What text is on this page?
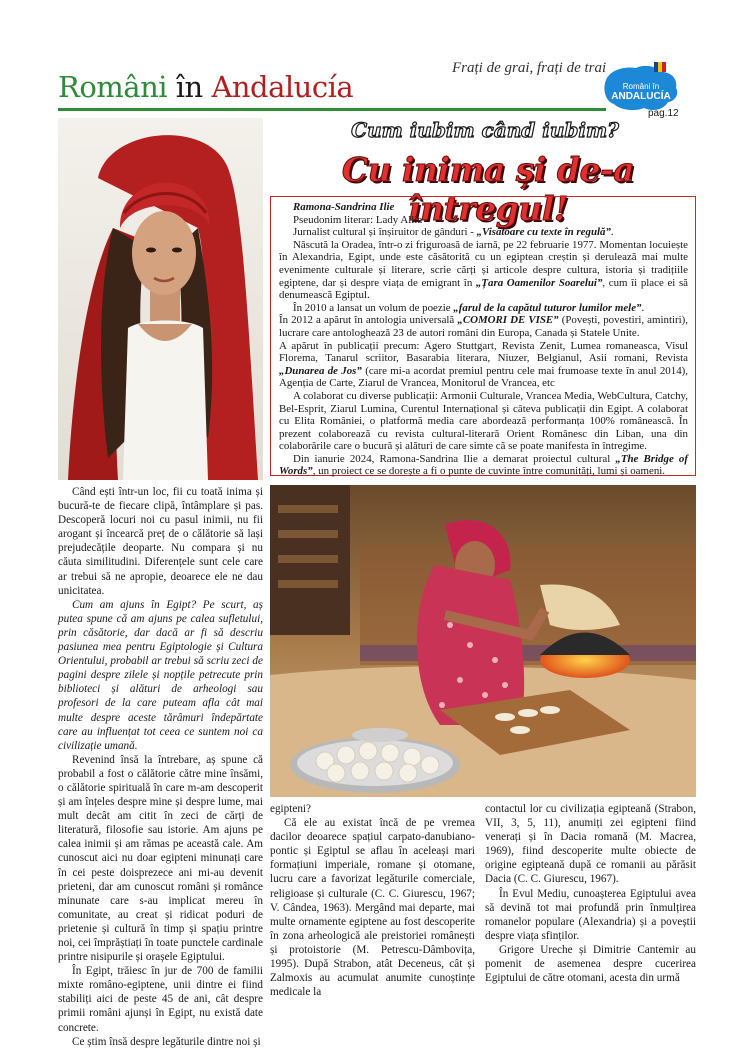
Români în Andalucía
Frați de grai, frați de trai
Români în
ANDALUCÍA
pag.12
Cum iubim când iubim?
Cu inima și de-a întregul!

Ramona-Sandrina Ilie

Pseudonim literar: Lady Allia

Jurnalist cultural și înșiruitor de gânduri - „Visătoare cu texte în regulă”.

Născută la Oradea, într-o zi friguroasă de iarnă, pe 22 februarie 1977. Momentan locuiește în Alexandria, Egipt, unde este căsătorită cu un egiptean creștin și derulează mai multe evenimente culturale și literare, scrie cărți și articole despre cultura, istoria și tradițiile egiptene, dar și despre viața de emigrant în „Țara Oamenilor Soarelui”, cum îi place ei să denumească Egiptul.

În 2010 a lansat un volum de poezie „farul de la capătul tuturor lumilor mele”.

În 2012 a apărut în antologia universală „COMORI DE VISE” (Povești, povestiri, amintiri), lucrare care antologhează 23 de autori români din Europa, Canada și Statele Unite.

A apărut în publicații precum: Agero Stuttgart, Revista Zenit, Lumea romaneasca, Visul Florema, Tanarul scriitor, Basarabia literara, Niuzer, Belgianul, Asii romani, Revista „Dunarea de Jos” (care mi-a acordat premiul pentru cele mai frumoase texte în anul 2014), Agenția de Carte, Ziarul de Vrancea, Monitorul de Vrancea, etc

A colaborat cu diverse publicații: Armonii Culturale, Vrancea Media, WebCultura, Catchy, Bel-Esprit, Ziarul Lumina, Curentul Internațional și câteva publicații din Egipt. A colaborat cu Elita României, o platformă media care abordează performanța 100% românească. În prezent colaborează cu revista cultural-literară Orient Românesc din Liban, una din colaborările care o bucură și alături de care simte că se poate manifesta în întregime.

Din ianurie 2024, Ramona-Sandrina Ilie a demarat proiectul cultural „The Bridge of Words”, un proiect ce se dorește a fi o punte de cuvinte între comunități, lumi și oameni.

Când ești într-un loc, fii cu toată inima și bucură-te de fiecare clipă, întâmplare și pas. Descoperă locuri noi cu pasul inimii, nu fii arogant și încearcă preț de o călătorie să lași prejudecățile deoparte. Nu compara și nu căuta similitudini. Diferențele sunt cele care ar trebui să ne apropie, deoarece ele ne dau unicitatea.

Cum am ajuns în Egipt? Pe scurt, aș putea spune că am ajuns pe calea sufletului, prin căsătorie, dar dacă ar fi să descriu pasiunea mea pentru Egiptologie și Cultura Orientului, probabil ar trebui să scriu zeci de pagini despre zilele și nopțile petrecute prin biblioteci și alături de arheologi sau profesori de la care puteam afla cât mai multe despre aceste tărâmuri îndepărtate care au influențat tot ceea ce suntem noi ca civilizație umană.

Revenind însă la întrebare, aș spune că probabil a fost o călătorie către mine însămi, o călătorie spirituală în care m-am descoperit și am înțeles despre mine și despre lume, mai mult decât am citit în zeci de cărți de literatură, filosofie sau istorie. Am ajuns pe calea inimii și am rămas pe această cale. Am cunoscut aici nu doar egipteni minunați care în cei peste doisprezece ani mi-au devenit prieteni, dar am cunoscut români și românce minunate care s-au implicat mereu în comunitate, au creat și ridicat poduri de prietenie și cultură în timp și spațiu printre noi, cei împrăștiați în toate punctele cardinale printre nisipurile și orașele Egiptului.

În Egipt, trăiesc în jur de 700 de familii mixte româno-egiptene, unii dintre ei fiind stabiliți aici de peste 45 de ani, cât despre primii români ajunși în Egipt, nu există date concrete.

Ce știm însă despre legăturile dintre noi și

egipteni?

Că ele au existat încă de pe vremea dacilor deoarece spațiul carpato-danubiano-pontic și Egiptul se aflau în aceleași mari formațiuni imperiale, romane și otomane, lucru care a favorizat legăturile comerciale, religioase și culturale (C. C. Giurescu, 1967; V. Cândea, 1963). Mergând mai departe, mai multe ornamente egiptene au fost descoperite în zona arheologică ale preistoriei românești și protoistorie (M. Petrescu-Dâmbovița, 1995). După Strabon, atât Deceneus, cât și Zalmoxis au acumulat anumite cunoștințe medicale la

contactul lor cu civilizația egipteană (Strabon, VII, 3, 5, 11), anumiți zei egipteni fiind venerați și în Dacia romană (M. Macrea, 1969), fiind descoperite multe obiecte de origine egipteană după ce romanii au părăsit Dacia (C. C. Giurescu, 1967).

În Evul Mediu, cunoașterea Egiptului avea să devină tot mai profundă prin înmulțirea romanelor populare (Alexandria) și a poveștii despre viața sfinților.

Grigore Ureche și Dimitrie Cantemir au pomenit de asemenea despre cucerirea Egiptului de către otomani, acesta din urmă
